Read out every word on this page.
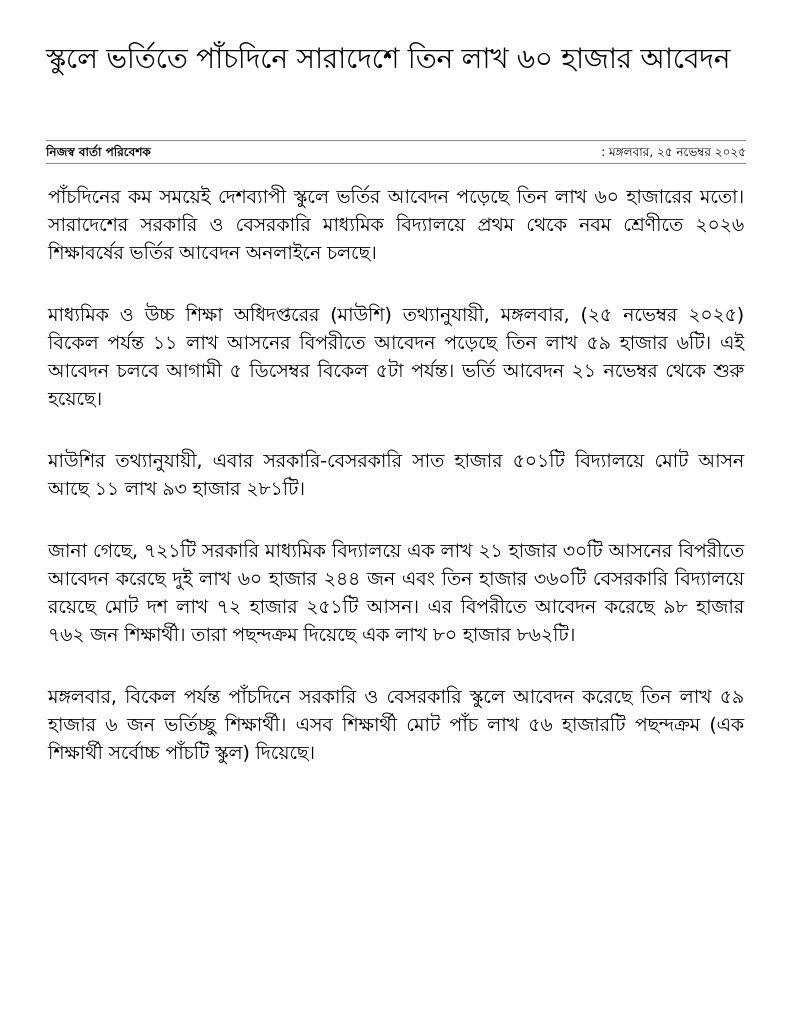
স্কুলে ভর্তিতে পাঁচদিনে সারাদেশে তিন লাখ ৬০ হাজার আবেদন
নিজস্ব বার্তা পরিবেশক	: মঙ্গলবার, ২৫ নভেম্বর ২০২৫

পাঁচদিনের কম সময়েই দেশব্যাপী স্কুলে ভর্তির আবেদন পড়েছে তিন লাখ ৬০ হাজারের মতো।সারাদেশের সরকারি ও বেসরকারি মাধ্যমিক বিদ্যালয়ে প্রথম থেকে নবম শ্রেণীতে ২০২৬ শিক্ষাবর্ষের ভর্তির আবেদন অনলাইনে চলছে।

মাধ্যমিক ও উচ্চ শিক্ষা অধিদপ্তরের (মাউশি) তথ্যানুযায়ী, মঙ্গলবার, (২৫ নভেম্বর ২০২৫) বিকেল পর্যন্ত ১১ লাখ আসনের বিপরীতে আবেদন পড়েছে তিন লাখ ৫৯ হাজার ৬টি। এই আবেদন চলবে আগামী ৫ ডিসেম্বর বিকেল ৫টা পর্যন্ত। ভর্তি আবেদন ২১ নভেম্বর থেকে শুরু হয়েছে।

মাউশির তথ্যানুযায়ী, এবার সরকারি-বেসরকারি সাত হাজার ৫০১টি বিদ্যালয়ে মোট আসন আছে ১১ লাখ ৯৩ হাজার ২৮১টি।

জানা গেছে, ৭২১টি সরকারি মাধ্যমিক বিদ্যালয়ে এক লাখ ২১ হাজার ৩০টি আসনের বিপরীতে আবেদন করেছে দুই লাখ ৬০ হাজার ২৪৪ জন এবং তিন হাজার ৩৬০টি বেসরকারি বিদ্যালয়ে রয়েছে মোট দশ লাখ ৭২ হাজার ২৫১টি আসন। এর বিপরীতে আবেদন করেছে ৯৮ হাজার ৭৬২ জন শিক্ষার্থী। তারা পছন্দক্রম দিয়েছে এক লাখ ৮০ হাজার ৮৬২টি।

মঙ্গলবার, বিকেল পর্যন্ত পাঁচদিনে সরকারি ও বেসরকারি স্কুলে আবেদন করেছে তিন লাখ ৫৯ হাজার ৬ জন ভর্তিচ্ছু শিক্ষার্থী। এসব শিক্ষার্থী মোট পাঁচ লাখ ৫৬ হাজারটি পছন্দক্রম (এক শিক্ষার্থী সর্বোচ্চ পাঁচটি স্কুল) দিয়েছে।
